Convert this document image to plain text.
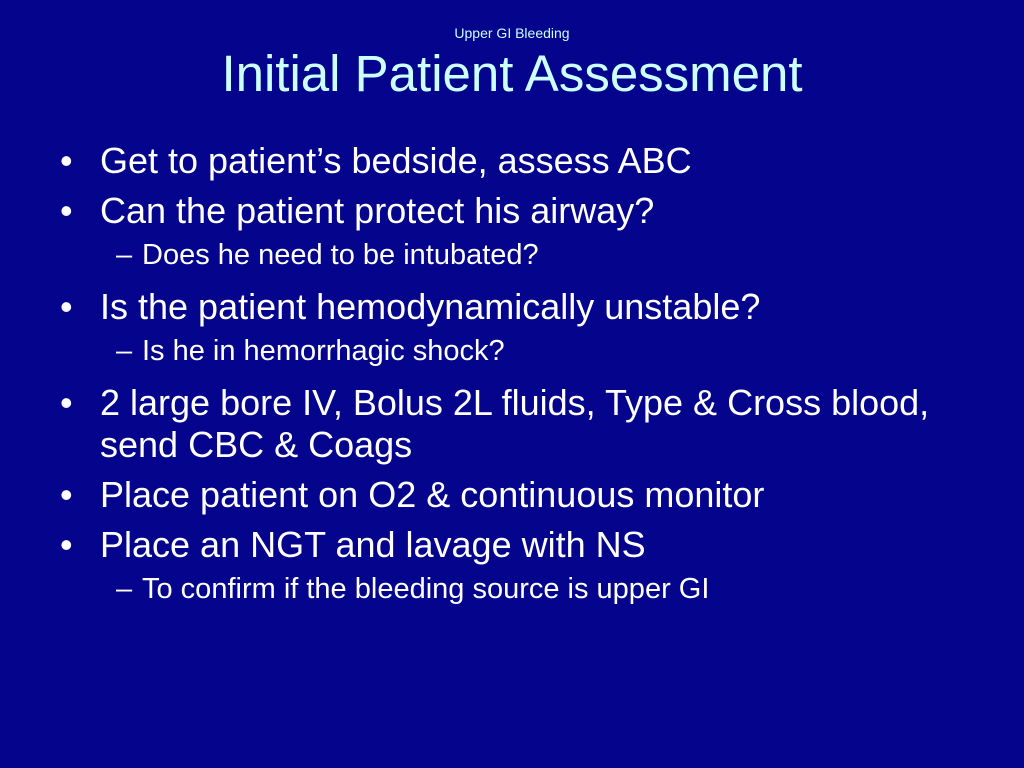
Upper GI Bleeding
Initial Patient Assessment
• Get to patient’s bedside, assess ABC
• Can the patient protect his airway?
– Does he need to be intubated?
• Is the patient hemodynamically unstable?
– Is he in hemorrhagic shock?
• 2 large bore IV, Bolus 2L fluids, Type & Cross blood, send CBC & Coags
• Place patient on O2 & continuous monitor
• Place an NGT and lavage with NS
– To confirm if the bleeding source is upper GI
